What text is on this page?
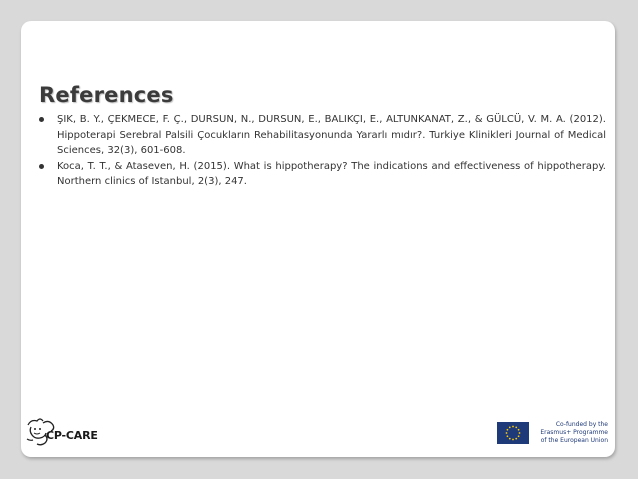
References
ŞIK, B. Y., ÇEKMECE, F. Ç., DURSUN, N., DURSUN, E., BALIKÇI, E., ALTUNKANAT, Z., & GÜLCÜ, V. M. A. (2012). Hippoterapi Serebral Palsili Çocukların Rehabilitasyonunda Yararlı mıdır?. Turkiye Klinikleri Journal of Medical Sciences, 32(3), 601-608.
Koca, T. T., & Ataseven, H. (2015). What is hippotherapy? The indications and effectiveness of hippotherapy. Northern clinics of Istanbul, 2(3), 247.
CP-CARE
Co-funded by the
Erasmus+ Programme
of the European Union
